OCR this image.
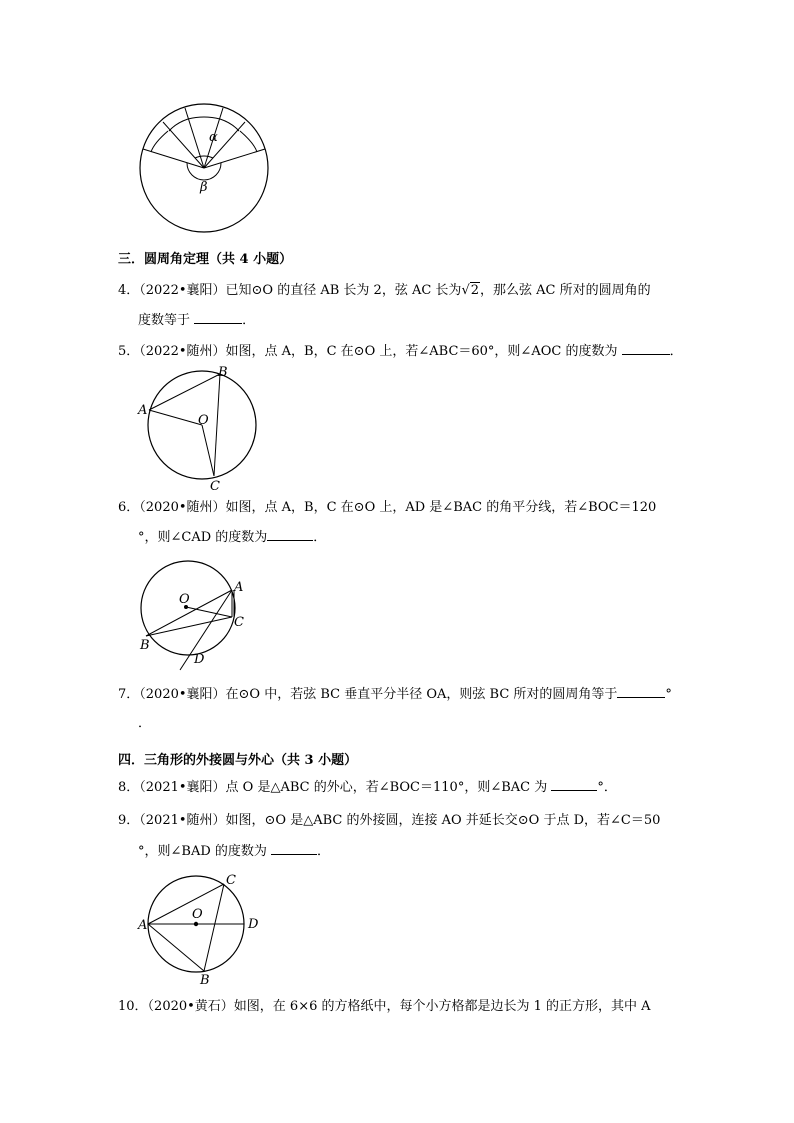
α
β
三．圆周角定理（共 4 小题）
4．（2022•襄阳）已知⊙O 的直径 AB 长为 2，弦 AC 长为√2，那么弦 AC 所对的圆周角的
度数等于	．
5．（2022•随州）如图，点 A，B，C 在⊙O 上，若∠ABC＝60°，则∠AOC 的度数为	．
A
B
C
O
6．（2020•随州）如图，点 A，B，C 在⊙O 上，AD 是∠BAC 的角平分线，若∠BOC＝120
°，则∠CAD 的度数为	．
A
B
C
D
O
7．（2020•襄阳）在⊙O 中，若弦 BC 垂直平分半径 OA，则弦 BC 所对的圆周角等于	°
．
四．三角形的外接圆与外心（共 3 小题）
8．（2021•襄阳）点 O 是△ABC 的外心，若∠BOC＝110°，则∠BAC 为	°．
9．（2021•随州）如图，⊙O 是△ABC 的外接圆，连接 AO 并延长交⊙O 于点 D，若∠C＝50
°，则∠BAD 的度数为	．
A
B
C
D
O
10．（2020•黄石）如图，在 6×6 的方格纸中，每个小方格都是边长为 1 的正方形，其中 A
